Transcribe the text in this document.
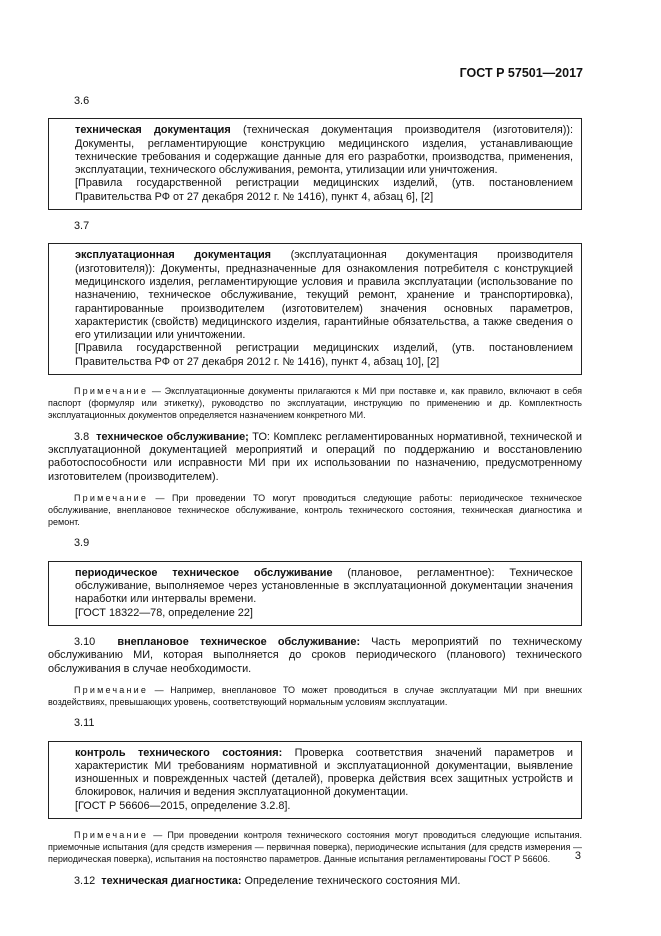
ГОСТ Р 57501—2017
3.6

техническая документация (техническая документация производителя (изготовителя)): Документы, регламентирующие конструкцию медицинского изделия, устанавливающие технические требования и содержащие данные для его разработки, производства, применения, эксплуатации, технического обслуживания, ремонта, утилизации или уничтожения.

[Правила государственной регистрации медицинских изделий, (утв. постановлением Правительства РФ от 27 декабря 2012 г. № 1416), пункт 4, абзац 6], [2]

3.7

эксплуатационная документация (эксплуатационная документация производителя (изготовителя)): Документы, предназначенные для ознакомления потребителя с конструкцией медицинского изделия, регламентирующие условия и правила эксплуатации (использование по назначению, техническое обслуживание, текущий ремонт, хранение и транспортировка), гарантированные производителем (изготовителем) значения основных параметров, характеристик (свойств) медицинского изделия, гарантийные обязательства, а также сведения о его утилизации или уничтожении.

[Правила государственной регистрации медицинских изделий, (утв. постановлением Правительства РФ от 27 декабря 2012 г. № 1416), пункт 4, абзац 10], [2]

Примечание — Эксплуатационные документы прилагаются к МИ при поставке и, как правило, включают в себя паспорт (формуляр или этикетку), руководство по эксплуатации, инструкцию по применению и др. Комплектность эксплуатационных документов определяется назначением конкретного МИ.

3.8 техническое обслуживание; ТО: Комплекс регламентированных нормативной, технической и эксплуатационной документацией мероприятий и операций по поддержанию и восстановлению работоспособности или исправности МИ при их использовании по назначению, предусмотренному изготовителем (производителем).

Примечание — При проведении ТО могут проводиться следующие работы: периодическое техническое обслуживание, внеплановое техническое обслуживание, контроль технического состояния, техническая диагностика и ремонт.

3.9

периодическое техническое обслуживание (плановое, регламентное): Техническое обслуживание, выполняемое через установленные в эксплуатационной документации значения наработки или интервалы времени.

[ГОСТ 18322—78, определение 22]

3.10 внеплановое техническое обслуживание: Часть мероприятий по техническому обслуживанию МИ, которая выполняется до сроков периодического (планового) технического обслуживания в случае необходимости.

Примечание — Например, внеплановое ТО может проводиться в случае эксплуатации МИ при внешних воздействиях, превышающих уровень, соответствующий нормальным условиям эксплуатации.

3.11

контроль технического состояния: Проверка соответствия значений параметров и характеристик МИ требованиям нормативной и эксплуатационной документации, выявление изношенных и поврежденных частей (деталей), проверка действия всех защитных устройств и блокировок, наличия и ведения эксплуатационной документации.

[ГОСТ Р 56606—2015, определение 3.2.8].

Примечание — При проведении контроля технического состояния могут проводиться следующие испытания. приемочные испытания (для средств измерения — первичная поверка), периодические испытания (для средств измерения — периодическая поверка), испытания на постоянство параметров. Данные испытания регламентированы ГОСТ Р 56606.

3.12 техническая диагностика: Определение технического состояния МИ.

3
